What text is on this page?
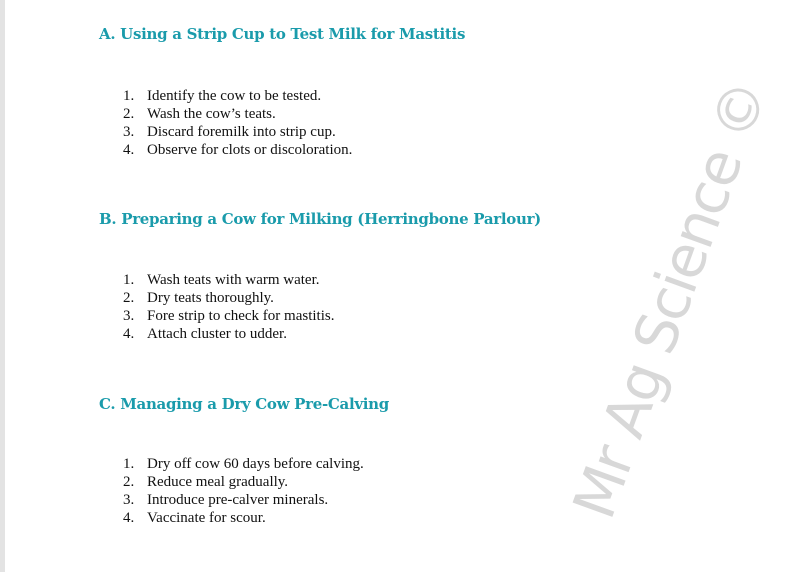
Mr Ag Science ©
A. Using a Strip Cup to Test Milk for Mastitis
1. Identify the cow to be tested.
2. Wash the cow’s teats.
3. Discard foremilk into strip cup.
4. Observe for clots or discoloration.
B. Preparing a Cow for Milking (Herringbone Parlour)
1. Wash teats with warm water.
2. Dry teats thoroughly.
3. Fore strip to check for mastitis.
4. Attach cluster to udder.
C. Managing a Dry Cow Pre-Calving
1. Dry off cow 60 days before calving.
2. Reduce meal gradually.
3. Introduce pre-calver minerals.
4. Vaccinate for scour.
